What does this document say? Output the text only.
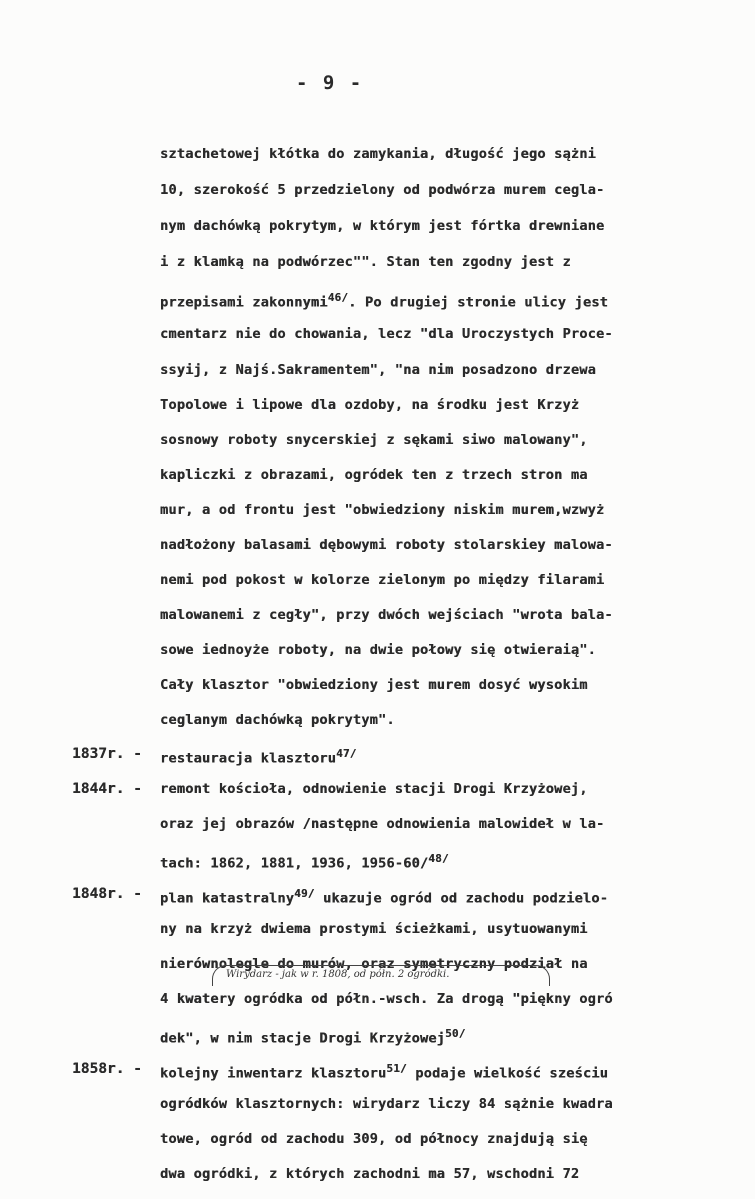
- 9 -
sztachetowej kłótka do zamykania, długość jego sążni
10, szerokość 5 przedzielony od podwórza murem cegla-
nym dachówką pokrytym, w którym jest fórtka drewniane
i z klamką na podwórzec"". Stan ten zgodny jest z
przepisami zakonnymi$^{46/}$. Po drugiej stronie ulicy jest
cmentarz nie do chowania, lecz "dla Uroczystych Proce-
ssyij, z Najś.Sakramentem", "na nim posadzono drzewa
Topolowe i lipowe dla ozdoby, na środku jest Krzyż
sosnowy roboty snycerskiej z sękami siwo malowany",
kapliczki z obrazami, ogródek ten z trzech stron ma
mur, a od frontu jest "obwiedziony niskim murem,wzwyż
nadłożony balasami dębowymi roboty stolarskiey malowa-
nemi pod pokost w kolorze zielonym po między filarami
malowanemi z cegły", przy dwóch wejściach "wrota bala-
sowe iednoyże roboty, na dwie połowy się otwieraią".
Cały klasztor "obwiedziony jest murem dosyć wysokim
ceglanym dachówką pokrytym".
1837r. - restauracja klasztoru$^{47/}$
1844r. - remont kościoła, odnowienie stacji Drogi Krzyżowej,
oraz jej obrazów /następne odnowienia malowideł w la-
tach: 1862, 1881, 1936, 1956-60/$^{48/}$
1848r. - plan katastralny$^{49/}$ ukazuje ogród od zachodu podzielo-
ny na krzyż dwiema prostymi ścieżkami, usytuowanymi
nierównolegle do murów, oraz symetryczny podział na
Wirydarz - jak w r. 1808, od półn. 2 ogródki.
4 kwatery ogródka od półn.-wsch. Za drogą "piękny ogró
dek", w nim stacje Drogi Krzyżowej$^{50/}$
1858r. - kolejny inwentarz klasztoru$^{51/}$ podaje wielkość sześciu
ogródków klasztornych: wirydarz liczy 84 sążnie kwadra
towe, ogród od zachodu 309, od północy znajdują się
dwa ogródki, z których zachodni ma 57, wschodni 72
